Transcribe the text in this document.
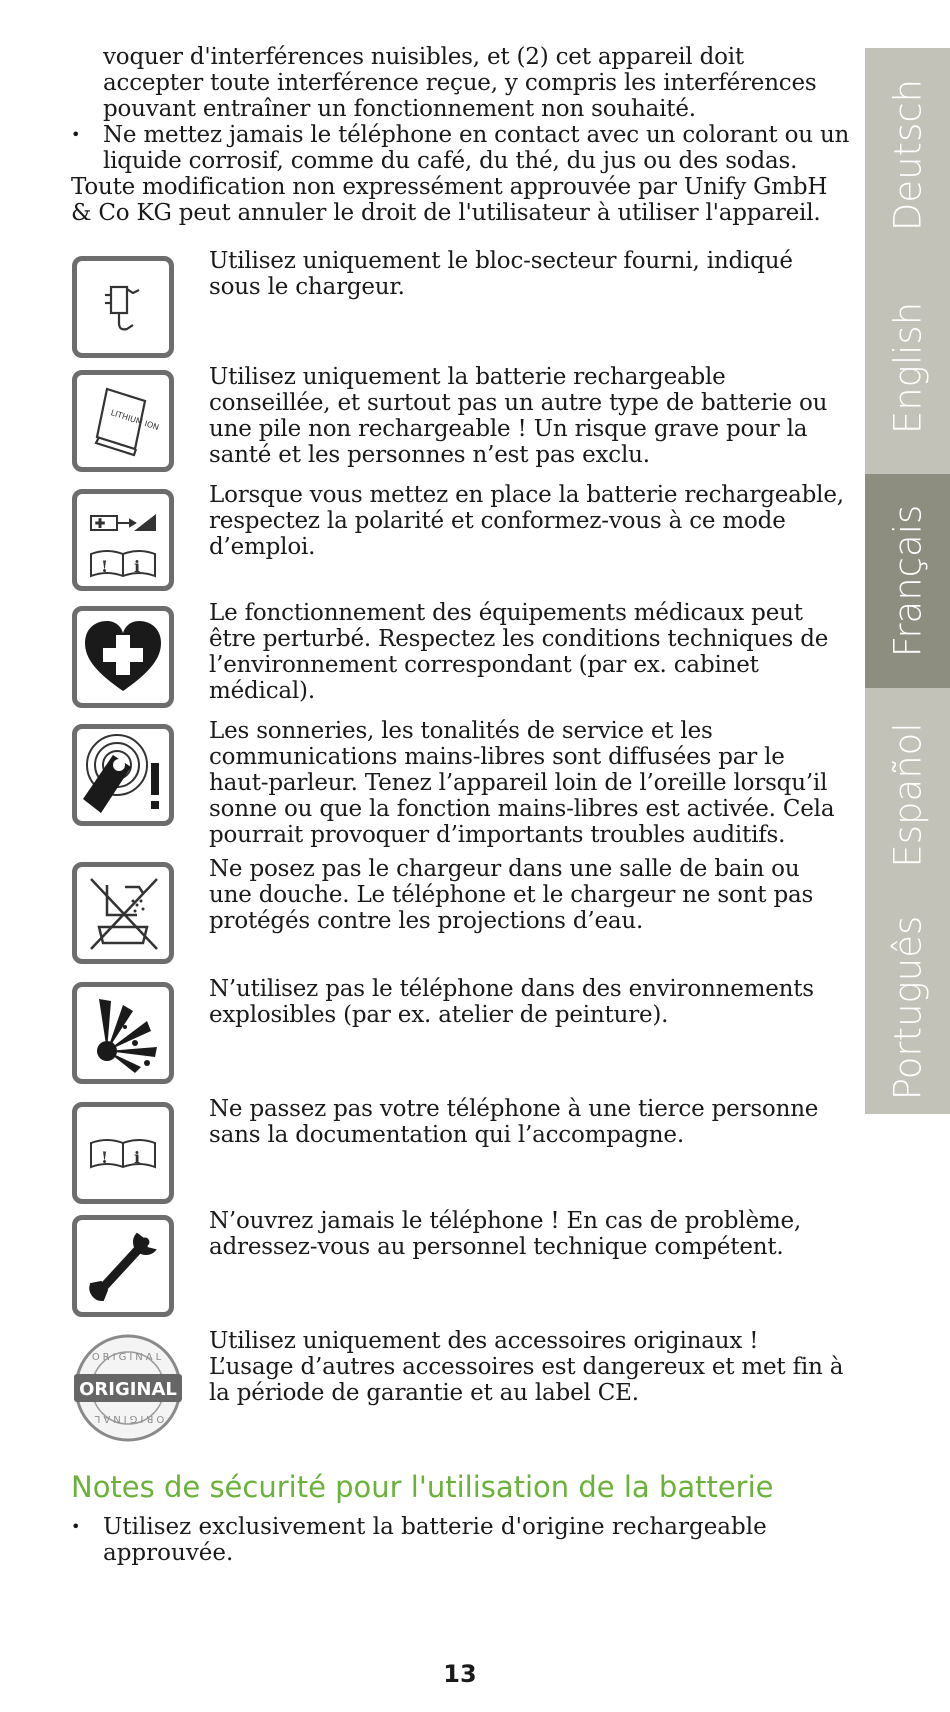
voquer d'interférences nuisibles, et (2) cet appareil doit accepter toute interférence reçue, y compris les interférences pouvant entraîner un fonctionnement non souhaité.

• Ne mettez jamais le téléphone en contact avec un colorant ou un liquide corrosif, comme du café, du thé, du jus ou des sodas.

Toute modification non expressément approuvée par Unify GmbH & Co KG peut annuler le droit de l'utilisateur à utiliser l'appareil.

Utilisez uniquement le bloc-secteur fourni, indiqué sous le chargeur.
LITHIUM ION
Utilisez uniquement la batterie rechargeable conseillée, et surtout pas un autre type de batterie ou une pile non rechargeable ! Un risque grave pour la santé et les personnes n’est pas exclu.
+
! i
Lorsque vous mettez en place la batterie rechargeable, respectez la polarité et conformez-vous à ce mode d’emploi.
Le fonctionnement des équipements médicaux peut être perturbé. Respectez les conditions techniques de l’environnement correspondant (par ex. cabinet médical).
Les sonneries, les tonalités de service et les communications mains-libres sont diffusées par le haut-parleur. Tenez l’appareil loin de l’oreille lorsqu’il sonne ou que la fonction mains-libres est activée. Cela pourrait provoquer d’importants troubles auditifs.
Ne posez pas le chargeur dans une salle de bain ou une douche. Le téléphone et le chargeur ne sont pas protégés contre les projections d’eau.
N’utilisez pas le téléphone dans des environnements explosibles (par ex. atelier de peinture).
! i
Ne passez pas votre téléphone à une tierce personne sans la documentation qui l’accompagne.
N’ouvrez jamais le téléphone ! En cas de problème, adressez-vous au personnel technique compétent.
ORIGINAL
ORIGINAL
ORIGINAL
Utilisez uniquement des accessoires originaux ! L’usage d’autres accessoires est dangereux et met fin à la période de garantie et au label CE.
Notes de sécurité pour l'utilisation de la batterie
• Utilisez exclusivement la batterie d'origine rechargeable approuvée.
Deutsch
English
Français
Español
Português
13
